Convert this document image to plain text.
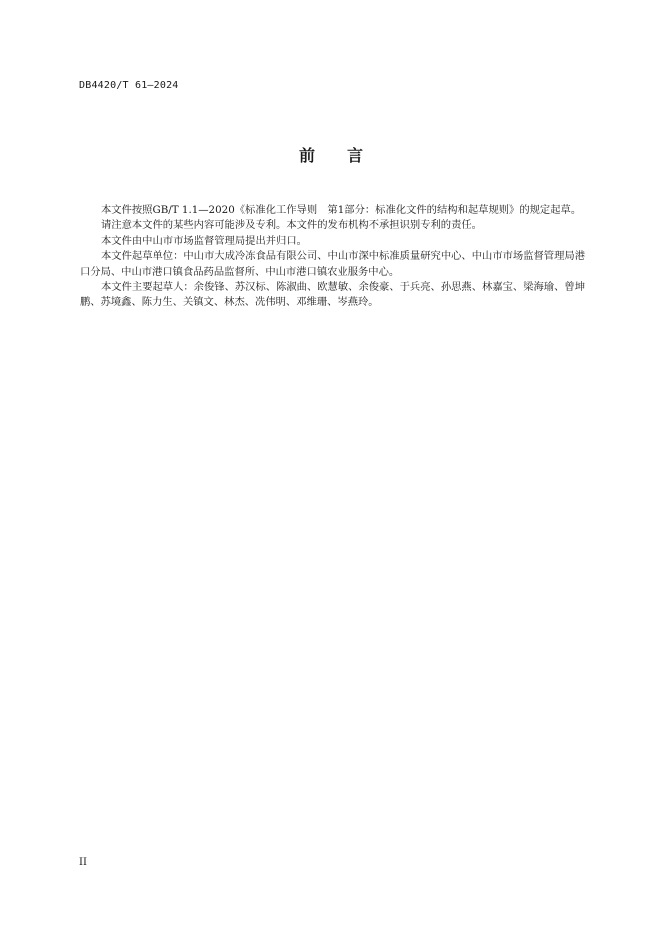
DB4420/T 61—2024
前 言

本文件按照GB/T 1.1—2020《标准化工作导则　第1部分：标准化文件的结构和起草规则》的规定起草。

请注意本文件的某些内容可能涉及专利。本文件的发布机构不承担识别专利的责任。

本文件由中山市市场监督管理局提出并归口。

本文件起草单位：中山市大成冷冻食品有限公司、中山市深中标准质量研究中心、中山市市场监督管理局港口分局、中山市港口镇食品药品监督所、中山市港口镇农业服务中心。

本文件主要起草人：余俊锋、苏汉标、陈淑曲、欧慧敏、余俊豪、于兵亮、孙思燕、林嘉宝、梁海瑜、曾坤鹏、苏境鑫、陈力生、关镇文、林杰、冼伟明、邓维珊、岑燕玲。

II
